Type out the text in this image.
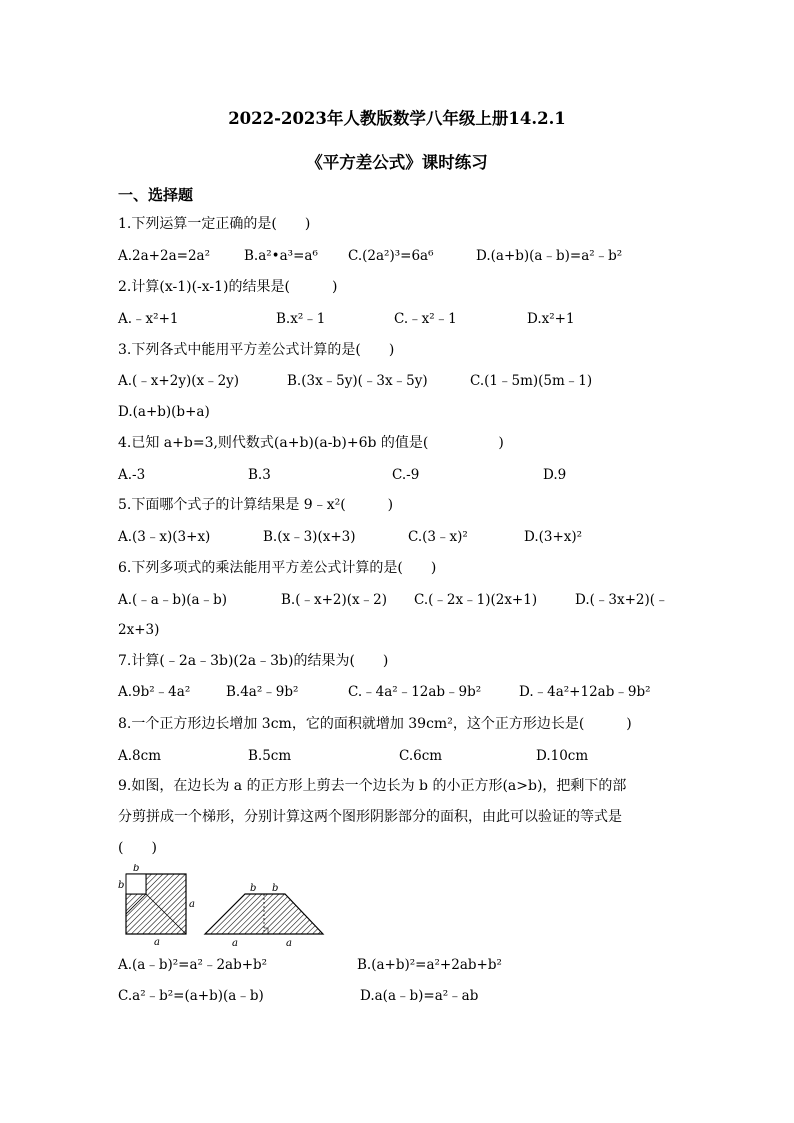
2022-2023年人教版数学八年级上册14.2.1
《平方差公式》课时练习
一、选择题
1.下列运算一定正确的是(　　)
A.2a+2a=2a²	B.a²•a³=a⁶ C.(2a²)³=6a⁶	D.(a+b)(a﹣b)=a²﹣b²
2.计算(x-1)(-x-1)的结果是(　　　)
A.﹣x²+1	B.x²﹣1	C.﹣x²﹣1	D.x²+1
3.下列各式中能用平方差公式计算的是(　　)
A.(﹣x+2y)(x﹣2y)	B.(3x﹣5y)(﹣3x﹣5y)	C.(1﹣5m)(5m﹣1)
D.(a+b)(b+a)
4.已知 a+b=3,则代数式(a+b)(a-b)+6b 的值是(　　　　　)
A.-3	B.3	C.-9	D.9
5.下面哪个式子的计算结果是 9﹣x²(　　　)
A.(3﹣x)(3+x)	B.(x﹣3)(x+3)	C.(3﹣x)²	D.(3+x)²
6.下列多项式的乘法能用平方差公式计算的是(　　)
A.(﹣a﹣b)(a﹣b)	B.(﹣x+2)(x﹣2) C.(﹣2x﹣1)(2x+1)	D.(﹣3x+2)(﹣
2x+3)
7.计算(﹣2a﹣3b)(2a﹣3b)的结果为(　　)
A.9b²﹣4a²	B.4a²﹣9b²	C.﹣4a²﹣12ab﹣9b²	D.﹣4a²+12ab﹣9b²
8.一个正方形边长增加 3cm，它的面积就增加 39cm²，这个正方形边长是(　　　)
A.8cm	B.5cm	C.6cm	D.10cm
9.如图，在边长为 a 的正方形上剪去一个边长为 b 的小正方形(a>b)，把剩下的部
分剪拼成一个梯形，分别计算这两个图形阴影部分的面积，由此可以验证的等式是
(　　)
b
b
a
a
b b
a	a
A.(a﹣b)²=a²﹣2ab+b²	B.(a+b)²=a²+2ab+b²
C.a²﹣b²=(a+b)(a﹣b)	D.a(a﹣b)=a²﹣ab
